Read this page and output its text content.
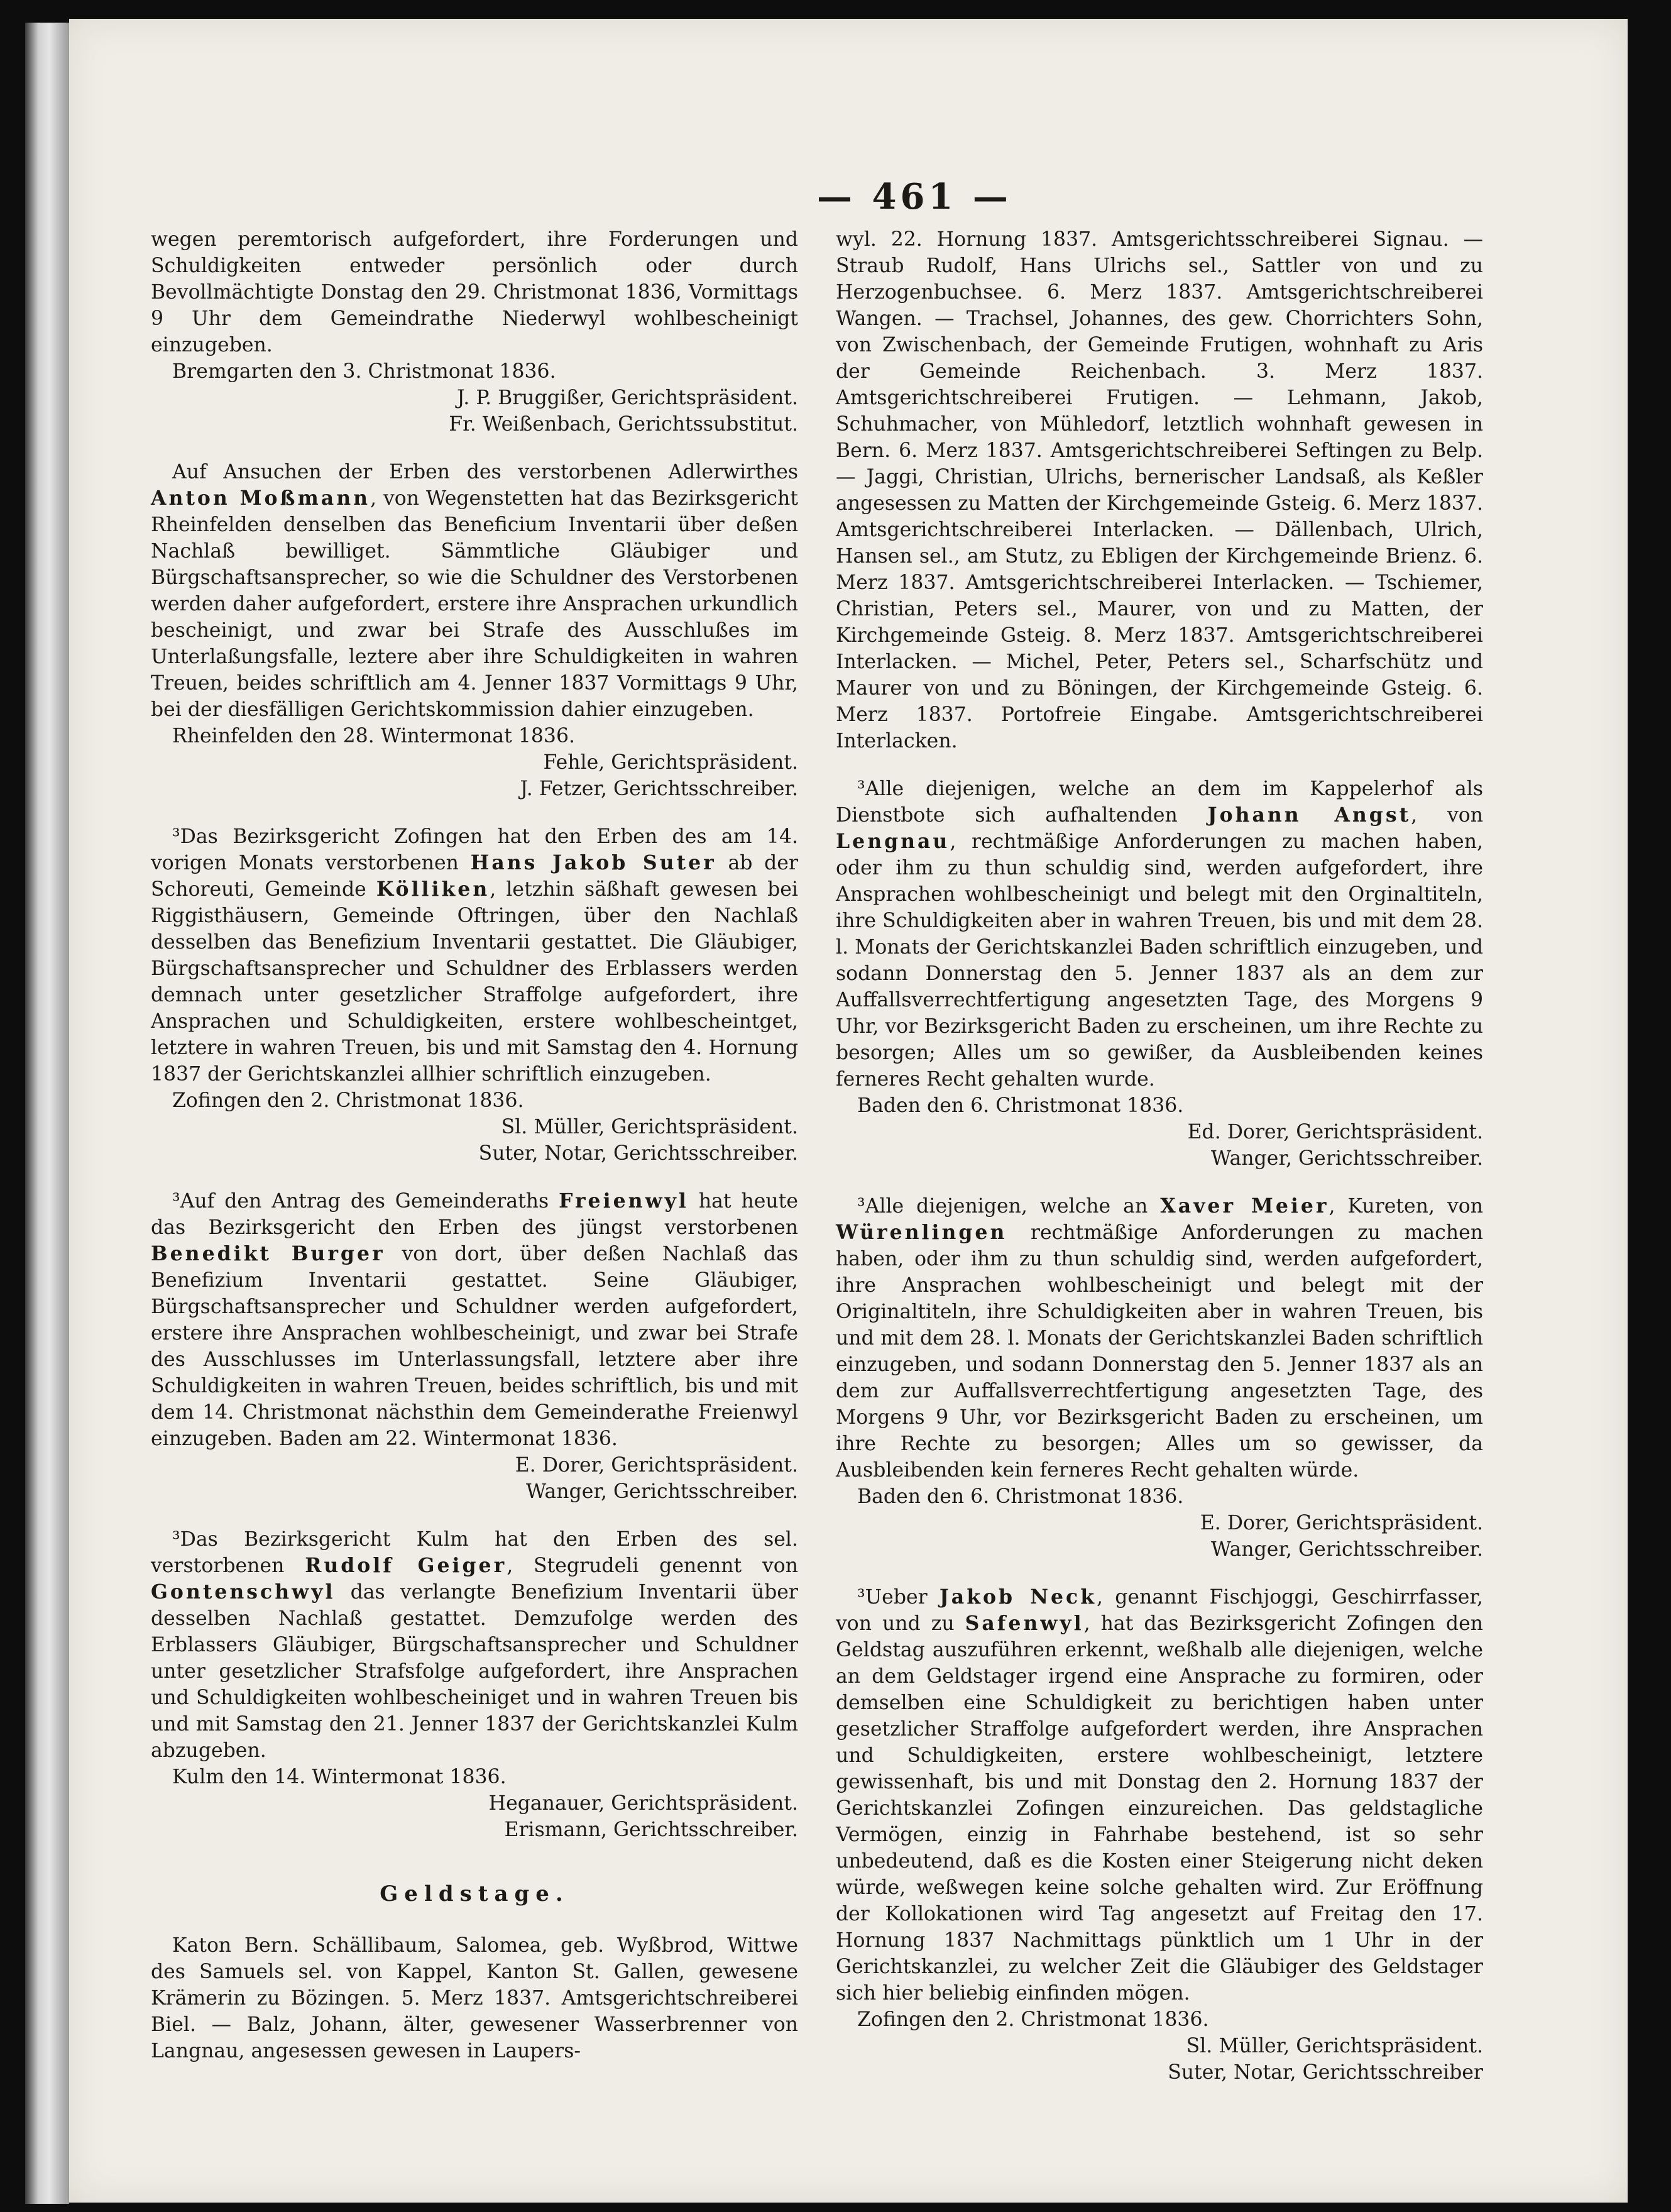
— 461 —

wegen peremtorisch aufgefordert, ihre Forderungen und Schuldigkeiten entweder persönlich oder durch Bevollmächtigte Donstag den 29. Christmonat 1836, Vormittags 9 Uhr dem Gemeindrathe Niederwyl wohlbescheinigt einzugeben.

Bremgarten den 3. Christmonat 1836.

J. P. Bruggißer, Gerichtspräsident.

Fr. Weißenbach, Gerichtssubstitut.

Auf Ansuchen der Erben des verstorbenen Adlerwirthes Anton Moßmann, von Wegenstetten hat das Bezirksgericht Rheinfelden denselben das Beneficium Inventarii über deßen Nachlaß bewilliget. Sämmtliche Gläubiger und Bürgschaftsansprecher, so wie die Schuldner des Verstorbenen werden daher aufgefordert, erstere ihre Ansprachen urkundlich bescheinigt, und zwar bei Strafe des Ausschlußes im Unterlaßungsfalle, leztere aber ihre Schuldigkeiten in wahren Treuen, beides schriftlich am 4. Jenner 1837 Vormittags 9 Uhr, bei der diesfälligen Gerichtskommission dahier einzugeben.

Rheinfelden den 28. Wintermonat 1836.

Fehle, Gerichtspräsident.

J. Fetzer, Gerichtsschreiber.

³Das Bezirksgericht Zofingen hat den Erben des am 14. vorigen Monats verstorbenen Hans Jakob Suter ab der Schoreuti, Gemeinde Kölliken, letzhin säßhaft gewesen bei Riggisthäusern, Gemeinde Oftringen, über den Nachlaß desselben das Benefizium Inventarii gestattet. Die Gläubiger, Bürgschaftsansprecher und Schuldner des Erblassers werden demnach unter gesetzlicher Straffolge aufgefordert, ihre Ansprachen und Schuldigkeiten, erstere wohlbescheintget, letztere in wahren Treuen, bis und mit Samstag den 4. Hornung 1837 der Gerichtskanzlei allhier schriftlich einzugeben.

Zofingen den 2. Christmonat 1836.

Sl. Müller, Gerichtspräsident.

Suter, Notar, Gerichtsschreiber.

³Auf den Antrag des Gemeinderaths Freienwyl hat heute das Bezirksgericht den Erben des jüngst verstorbenen Benedikt Burger von dort, über deßen Nachlaß das Benefizium Inventarii gestattet. Seine Gläubiger, Bürgschaftsansprecher und Schuldner werden aufgefordert, erstere ihre Ansprachen wohlbescheinigt, und zwar bei Strafe des Ausschlusses im Unterlassungsfall, letztere aber ihre Schuldigkeiten in wahren Treuen, beides schriftlich, bis und mit dem 14. Christmonat nächsthin dem Gemeinderathe Freienwyl einzugeben. Baden am 22. Wintermonat 1836.

E. Dorer, Gerichtspräsident.

Wanger, Gerichtsschreiber.

³Das Bezirksgericht Kulm hat den Erben des sel. verstorbenen Rudolf Geiger, Stegrudeli genennt von Gontenschwyl das verlangte Benefizium Inventarii über desselben Nachlaß gestattet. Demzufolge werden des Erblassers Gläubiger, Bürgschaftsansprecher und Schuldner unter gesetzlicher Strafsfolge aufgefordert, ihre Ansprachen und Schuldigkeiten wohlbescheiniget und in wahren Treuen bis und mit Samstag den 21. Jenner 1837 der Gerichtskanzlei Kulm abzugeben.

Kulm den 14. Wintermonat 1836.

Heganauer, Gerichtspräsident.

Erismann, Gerichtsschreiber.

Geldstage.

Katon Bern. Schällibaum, Salomea, geb. Wyßbrod, Wittwe des Samuels sel. von Kappel, Kanton St. Gallen, gewesene Krämerin zu Bözingen. 5. Merz 1837. Amtsgerichtschreiberei Biel. — Balz, Johann, älter, gewesener Wasserbrenner von Langnau, angesessen gewesen in Laupers-

wyl. 22. Hornung 1837. Amtsgerichtsschreiberei Signau. — Straub Rudolf, Hans Ulrichs sel., Sattler von und zu Herzogenbuchsee. 6. Merz 1837. Amtsgerichtschreiberei Wangen. — Trachsel, Johannes, des gew. Chorrichters Sohn, von Zwischenbach, der Gemeinde Frutigen, wohnhaft zu Aris der Gemeinde Reichenbach. 3. Merz 1837. Amtsgerichtschreiberei Frutigen. — Lehmann, Jakob, Schuhmacher, von Mühledorf, letztlich wohnhaft gewesen in Bern. 6. Merz 1837. Amtsgerichtschreiberei Seftingen zu Belp. — Jaggi, Christian, Ulrichs, bernerischer Landsaß, als Keßler angesessen zu Matten der Kirchgemeinde Gsteig. 6. Merz 1837. Amtsgerichtschreiberei Interlacken. — Dällenbach, Ulrich, Hansen sel., am Stutz, zu Ebligen der Kirchgemeinde Brienz. 6. Merz 1837. Amtsgerichtschreiberei Interlacken. — Tschiemer, Christian, Peters sel., Maurer, von und zu Matten, der Kirchgemeinde Gsteig. 8. Merz 1837. Amtsgerichtschreiberei Interlacken. — Michel, Peter, Peters sel., Scharfschütz und Maurer von und zu Böningen, der Kirchgemeinde Gsteig. 6. Merz 1837. Portofreie Eingabe. Amtsgerichtschreiberei Interlacken.

³Alle diejenigen, welche an dem im Kappelerhof als Dienstbote sich aufhaltenden Johann Angst, von Lengnau, rechtmäßige Anforderungen zu machen haben, oder ihm zu thun schuldig sind, werden aufgefordert, ihre Ansprachen wohlbescheinigt und belegt mit den Orginaltiteln, ihre Schuldigkeiten aber in wahren Treuen, bis und mit dem 28. l. Monats der Gerichtskanzlei Baden schriftlich einzugeben, und sodann Donnerstag den 5. Jenner 1837 als an dem zur Auffallsverrechtfertigung angesetzten Tage, des Morgens 9 Uhr, vor Bezirksgericht Baden zu erscheinen, um ihre Rechte zu besorgen; Alles um so gewißer, da Ausbleibenden keines ferneres Recht gehalten wurde.

Baden den 6. Christmonat 1836.

Ed. Dorer, Gerichtspräsident.

Wanger, Gerichtsschreiber.

³Alle diejenigen, welche an Xaver Meier, Kureten, von Würenlingen rechtmäßige Anforderungen zu machen haben, oder ihm zu thun schuldig sind, werden aufgefordert, ihre Ansprachen wohlbescheinigt und belegt mit der Originaltiteln, ihre Schuldigkeiten aber in wahren Treuen, bis und mit dem 28. l. Monats der Gerichtskanzlei Baden schriftlich einzugeben, und sodann Donnerstag den 5. Jenner 1837 als an dem zur Auffallsverrechtfertigung angesetzten Tage, des Morgens 9 Uhr, vor Bezirksgericht Baden zu erscheinen, um ihre Rechte zu besorgen; Alles um so gewisser, da Ausbleibenden kein ferneres Recht gehalten würde.

Baden den 6. Christmonat 1836.

E. Dorer, Gerichtspräsident.

Wanger, Gerichtsschreiber.

³Ueber Jakob Neck, genannt Fischjoggi, Geschirrfasser, von und zu Safenwyl, hat das Bezirksgericht Zofingen den Geldstag auszuführen erkennt, weßhalb alle diejenigen, welche an dem Geldstager irgend eine Ansprache zu formiren, oder demselben eine Schuldigkeit zu berichtigen haben unter gesetzlicher Straffolge aufgefordert werden, ihre Ansprachen und Schuldigkeiten, erstere wohlbescheinigt, letztere gewissenhaft, bis und mit Donstag den 2. Hornung 1837 der Gerichtskanzlei Zofingen einzureichen. Das geldstagliche Vermögen, einzig in Fahrhabe bestehend, ist so sehr unbedeutend, daß es die Kosten einer Steigerung nicht deken würde, weßwegen keine solche gehalten wird. Zur Eröffnung der Kollokationen wird Tag angesetzt auf Freitag den 17. Hornung 1837 Nachmittags pünktlich um 1 Uhr in der Gerichtskanzlei, zu welcher Zeit die Gläubiger des Geldstager sich hier beliebig einfinden mögen.

Zofingen den 2. Christmonat 1836.

Sl. Müller, Gerichtspräsident.

Suter, Notar, Gerichtsschreiber
